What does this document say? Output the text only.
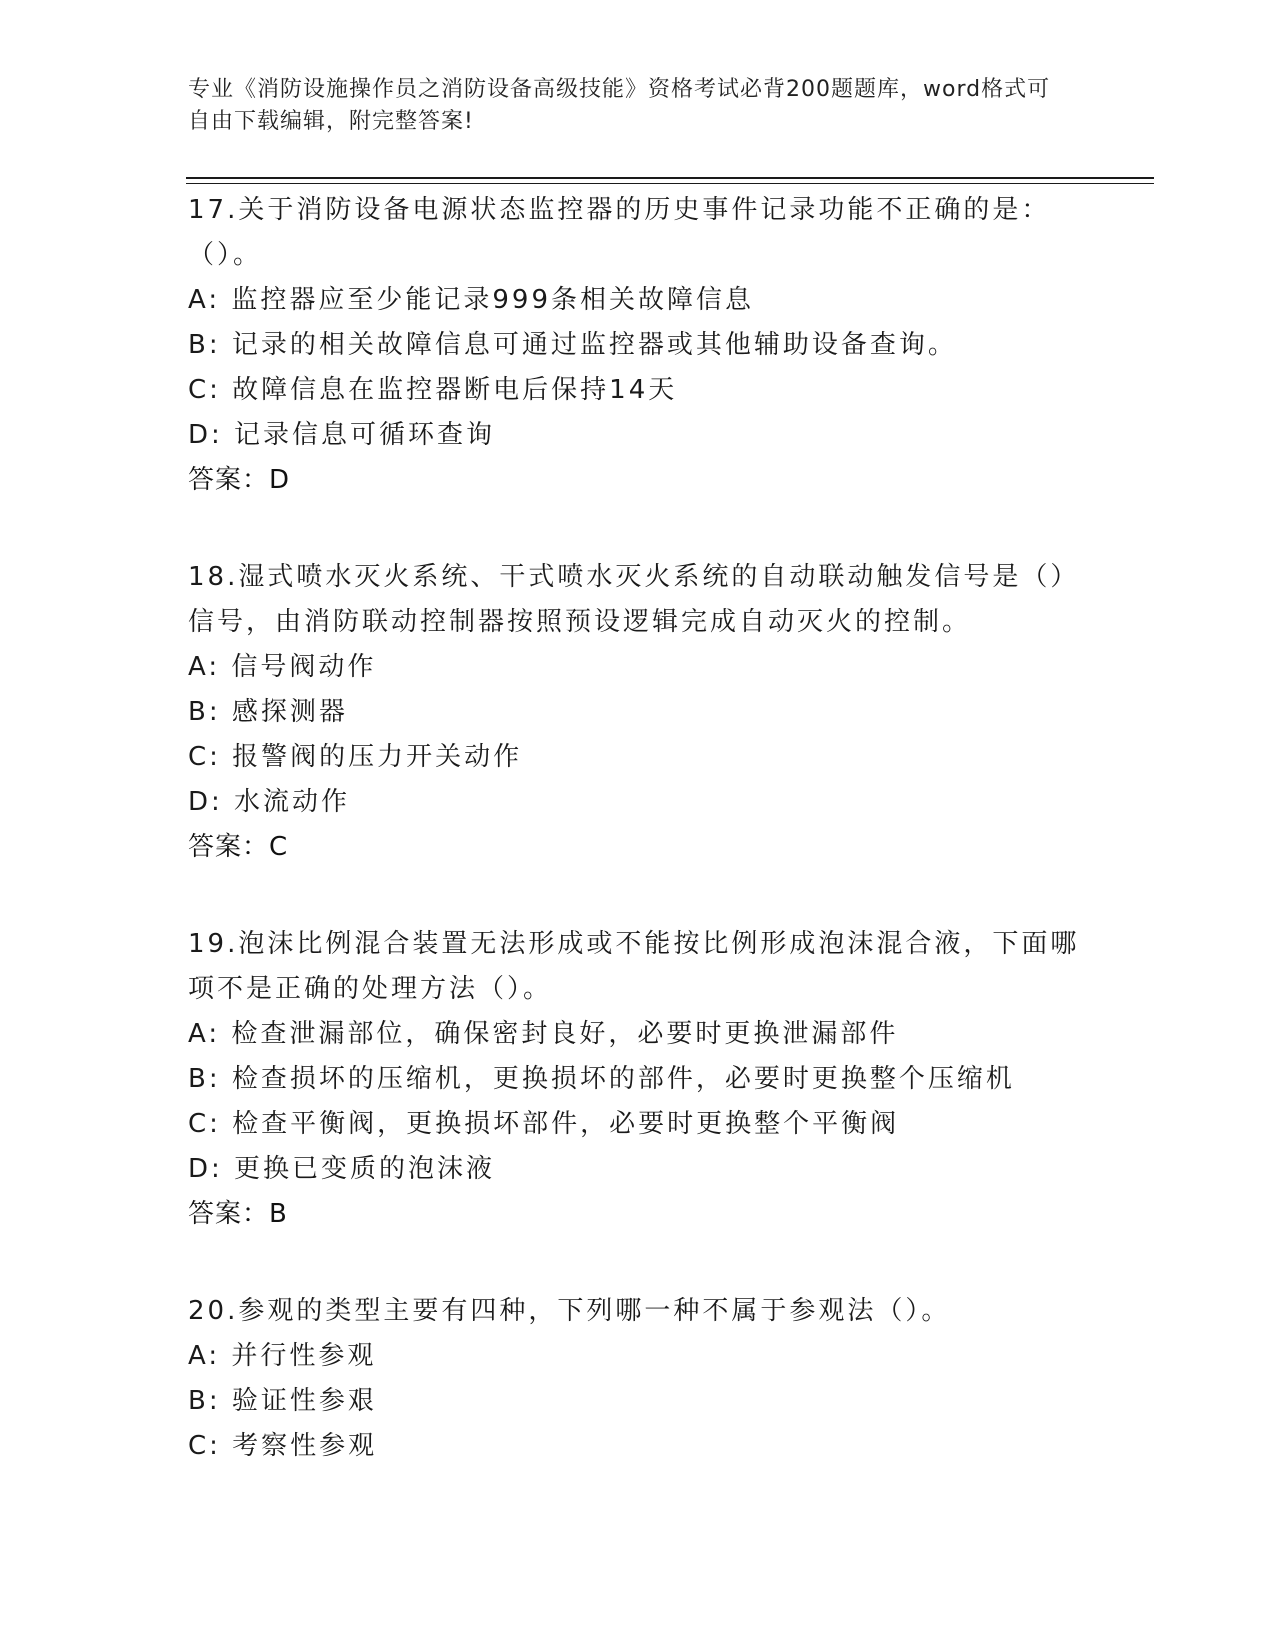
专业《消防设施操作员之消防设备高级技能》资格考试必背200题题库，word格式可自由下载编辑，附完整答案!
17.关于消防设备电源状态监控器的历史事件记录功能不正确的是：（）。
A: 监控器应至少能记录999条相关故障信息
B: 记录的相关故障信息可通过监控器或其他辅助设备查询。
C: 故障信息在监控器断电后保持14天
D: 记录信息可循环查询
答案：D
18.湿式喷水灭火系统、干式喷水灭火系统的自动联动触发信号是（）信号，由消防联动控制器按照预设逻辑完成自动灭火的控制。
A: 信号阀动作
B: 感探测器
C: 报警阀的压力开关动作
D: 水流动作
答案：C
19.泡沫比例混合装置无法形成或不能按比例形成泡沫混合液，下面哪项不是正确的处理方法（）。
A: 检查泄漏部位，确保密封良好，必要时更换泄漏部件
B: 检查损坏的压缩机，更换损坏的部件，必要时更换整个压缩机
C: 检查平衡阀，更换损坏部件，必要时更换整个平衡阀
D: 更换已变质的泡沫液
答案：B
20.参观的类型主要有四种，下列哪一种不属于参观法（）。
A: 并行性参观
B: 验证性参艰
C: 考察性参观
